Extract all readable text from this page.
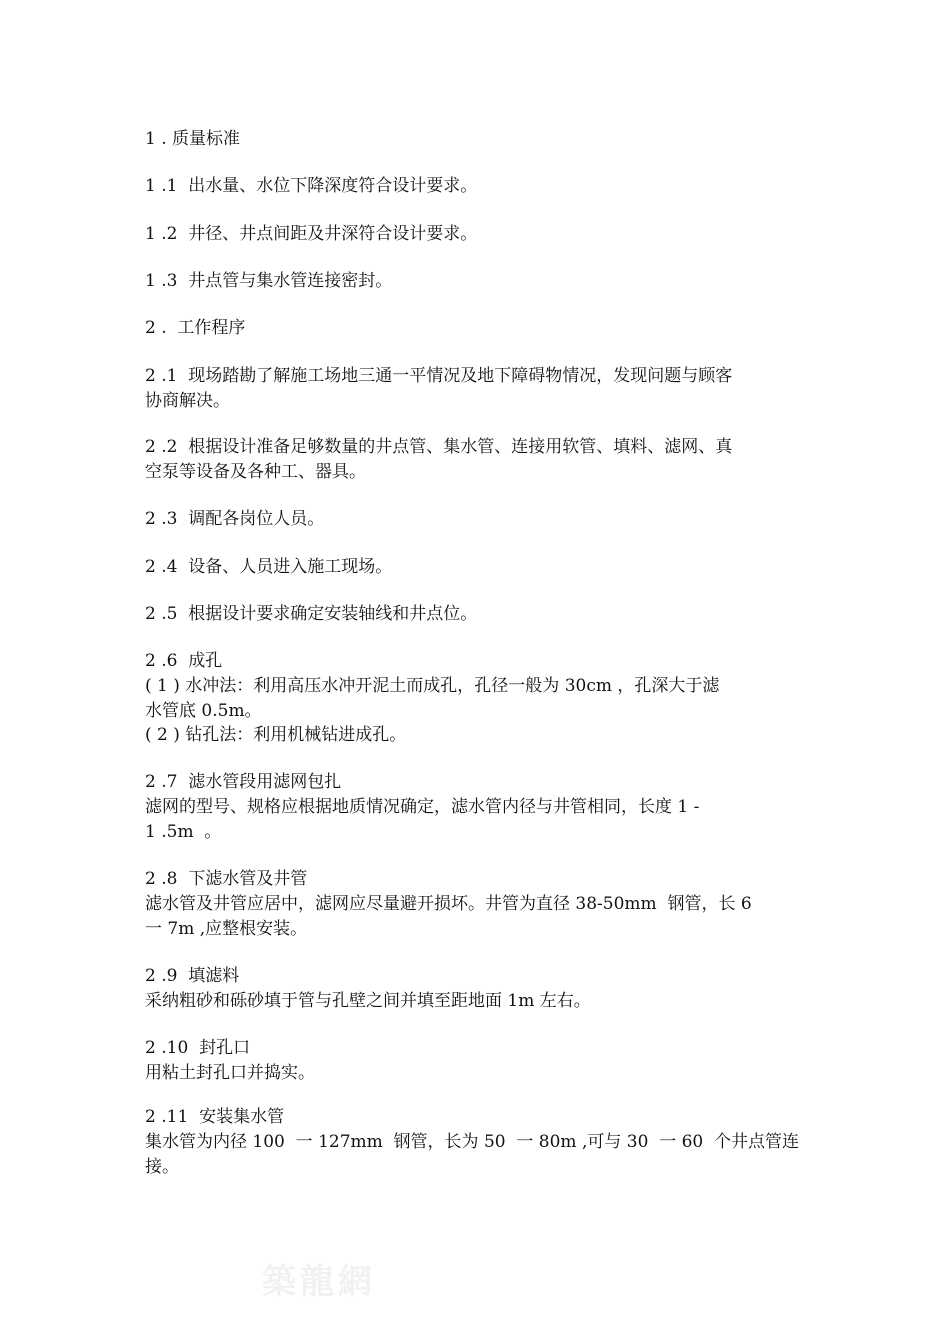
1 . 质量标准
1 .1  出水量、水位下降深度符合设计要求。
1 .2  井径、井点间距及井深符合设计要求。
1 .3  井点管与集水管连接密封。
2 .  工作程序
2 .1  现场踏勘了解施工场地三通一平情况及地下障碍物情况，发现问题与顾客
协商解决。
2 .2  根据设计准备足够数量的井点管、集水管、连接用软管、填料、滤网、真
空泵等设备及各种工、器具。
2 .3  调配各岗位人员。
2 .4  设备、人员进入施工现场。
2 .5  根据设计要求确定安装轴线和井点位。
2 .6  成孔
( 1 ) 水冲法：利用高压水冲开泥土而成孔，孔径一般为 30cm ，孔深大于滤
水管底 0.5m。
( 2 ) 钻孔法：利用机械钻进成孔。
2 .7  滤水管段用滤网包扎
滤网的型号、规格应根据地质情况确定，滤水管内径与井管相同，长度 1 -
1 .5m  。
2 .8  下滤水管及井管
滤水管及井管应居中，滤网应尽量避开损坏。井管为直径 38-50mm  钢管，长 6
一 7m ,应整根安装。
2 .9  填滤料
采纳粗砂和砾砂填于管与孔壁之间并填至距地面 1m 左右。
2 .10  封孔口
用粘土封孔口并捣实。
2 .11  安装集水管
集水管为内径 100  一 127mm  钢管，长为 50  一 80m ,可与 30  一 60  个井点管连
接。
築龍網
